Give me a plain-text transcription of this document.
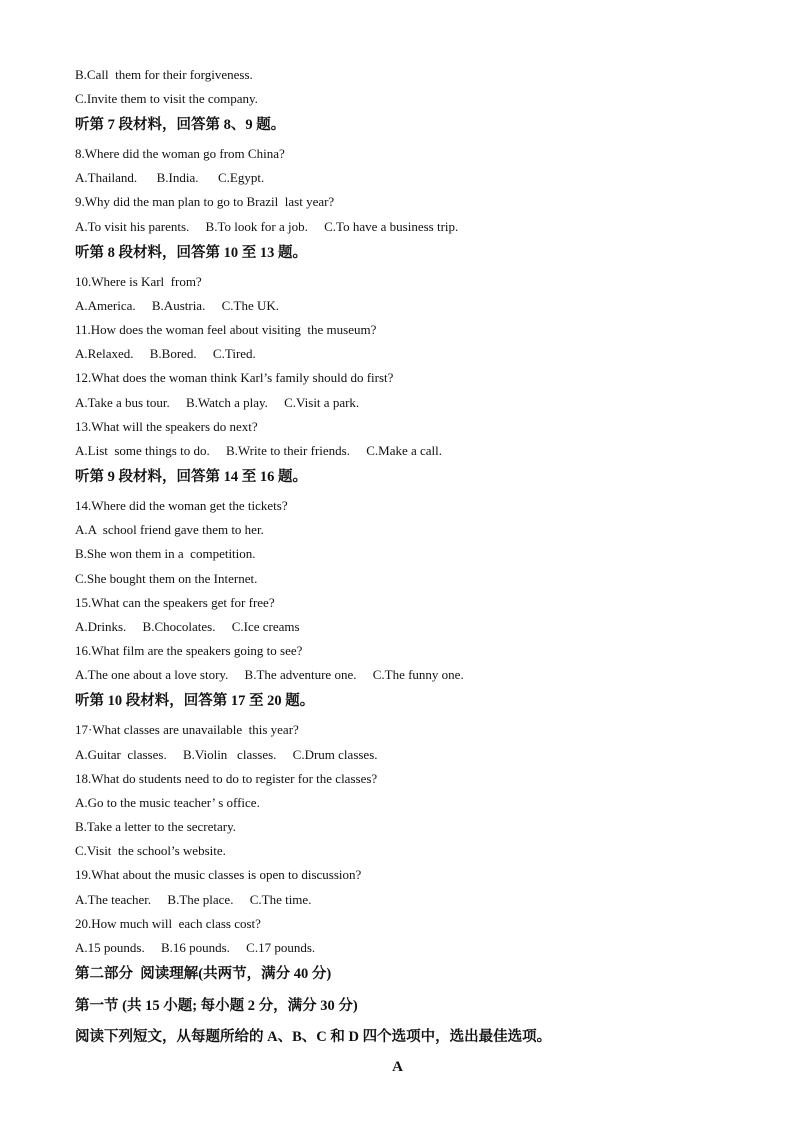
B.Call  them for their forgiveness.
C.Invite them to visit the company.
听第 7 段材料，回答第 8、9 题。
8.Where did the woman go from China?
A.Thailand.      B.India.      C.Egypt.
9.Why did the man plan to go to Brazil  last year?
A.To visit his parents.     B.To look for a job.     C.To have a business trip.
听第 8 段材料，回答第 10 至 13 题。
10.Where is Karl  from?
A.America.     B.Austria.     C.The UK.
11.How does the woman feel about visiting  the museum?
A.Relaxed.     B.Bored.     C.Tired.
12.What does the woman think Karl’s family should do first?
A.Take a bus tour.     B.Watch a play.     C.Visit a park.
13.What will the speakers do next?
A.List  some things to do.     B.Write to their friends.     C.Make a call.
听第 9 段材料，回答第 14 至 16 题。
14.Where did the woman get the tickets?
A.A  school friend gave them to her.
B.She won them in a  competition.
C.She bought them on the Internet.
15.What can the speakers get for free?
A.Drinks.     B.Chocolates.     C.Ice creams
16.What film are the speakers going to see?
A.The one about a love story.     B.The adventure one.     C.The funny one.
听第 10 段材料，回答第 17 至 20 题。
17·What classes are unavailable  this year?
A.Guitar  classes.     B.Violin   classes.     C.Drum classes.
18.What do students need to do to register for the classes?
A.Go to the music teacher’ s office.
B.Take a letter to the secretary.
C.Visit  the school’s website.
19.What about the music classes is open to discussion?
A.The teacher.     B.The place.     C.The time.
20.How much will  each class cost?
A.15 pounds.     B.16 pounds.     C.17 pounds.
第二部分  阅读理解(共两节，满分 40 分)
第一节 (共 15 小题; 每小题 2 分，满分 30 分)
阅读下列短文，从每题所给的 A、B、C 和 D 四个选项中，选出最佳选项。
A
